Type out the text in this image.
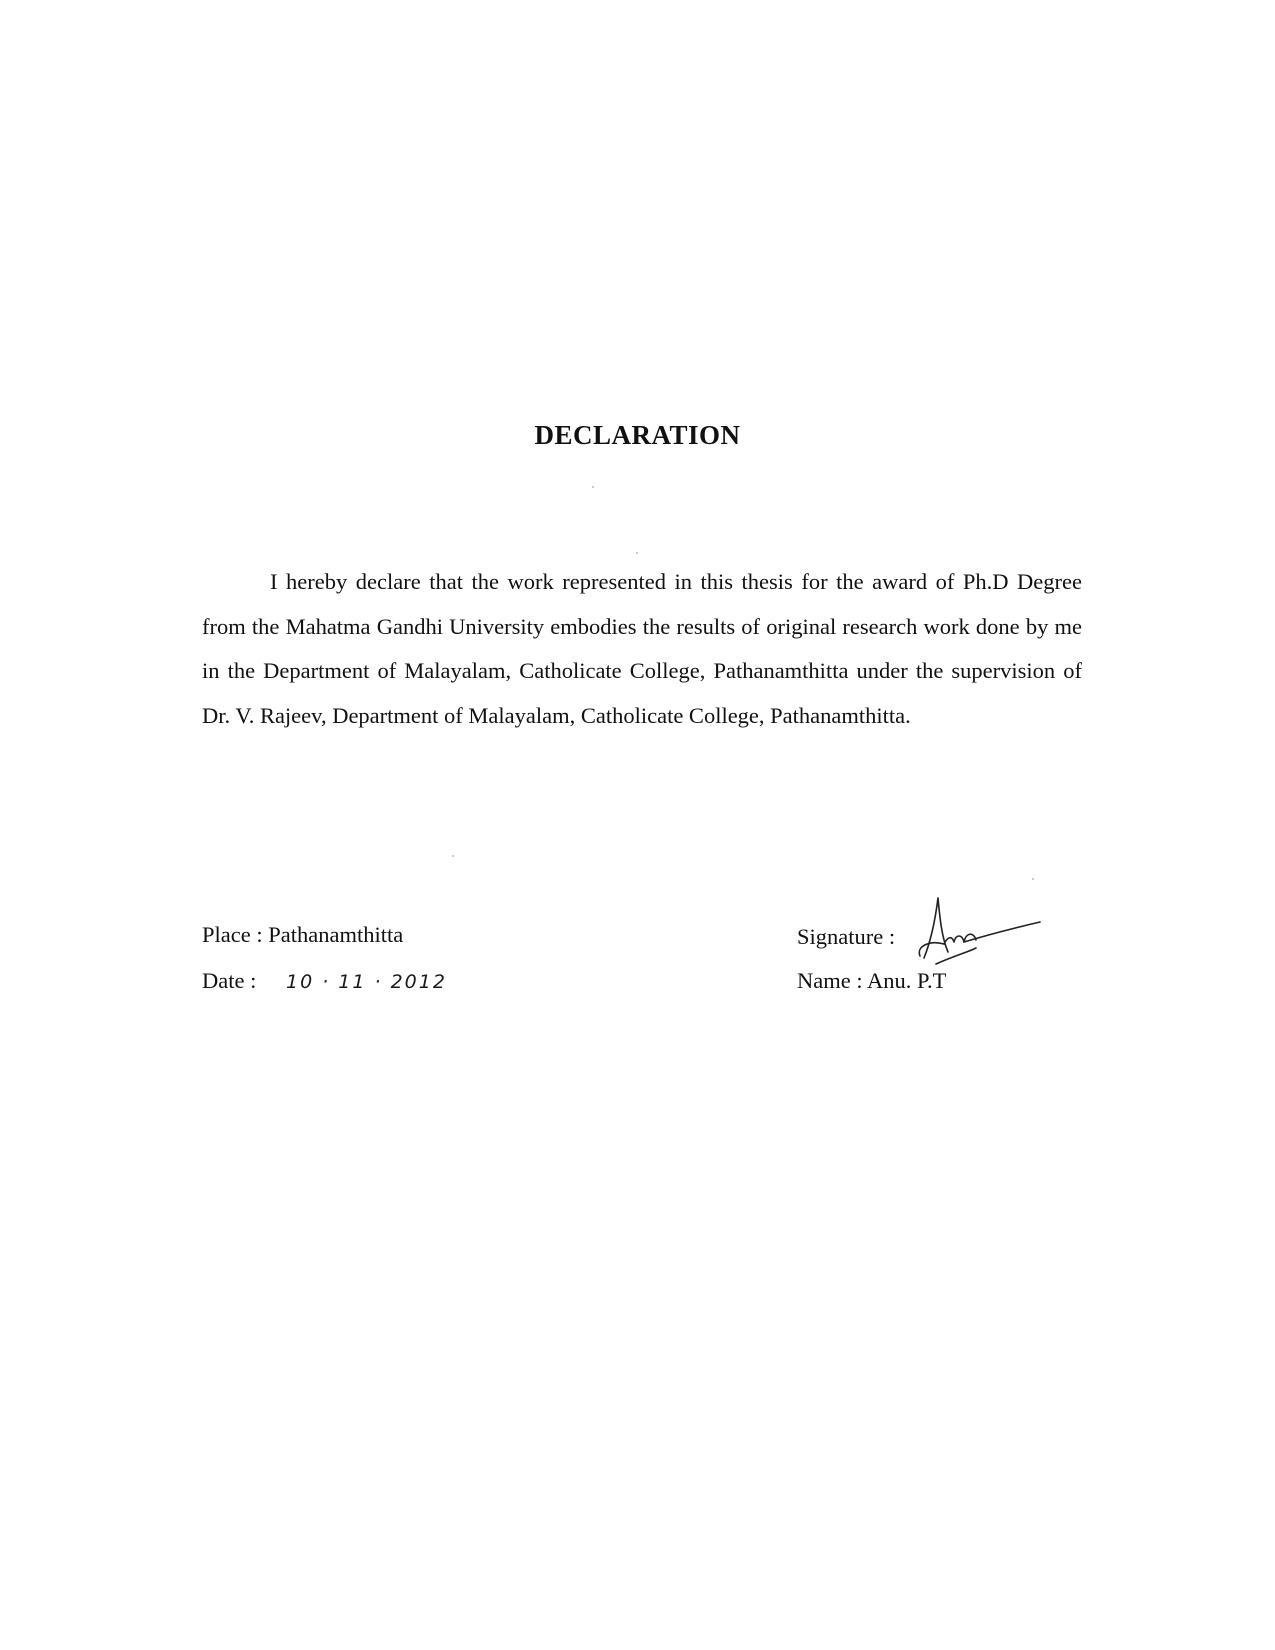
DECLARATION

I hereby declare that the work represented in this thesis for the award of Ph.D Degree from the Mahatma Gandhi University embodies the results of original research work done by me in the Department of Malayalam, Catholicate College, Pathanamthitta under the supervision of Dr. V. Rajeev, Department of Malayalam, Catholicate College, Pathanamthitta.

Place : Pathanamthitta
Date : 10 · 11 · 2012
Signature :
Name : Anu. P.T
